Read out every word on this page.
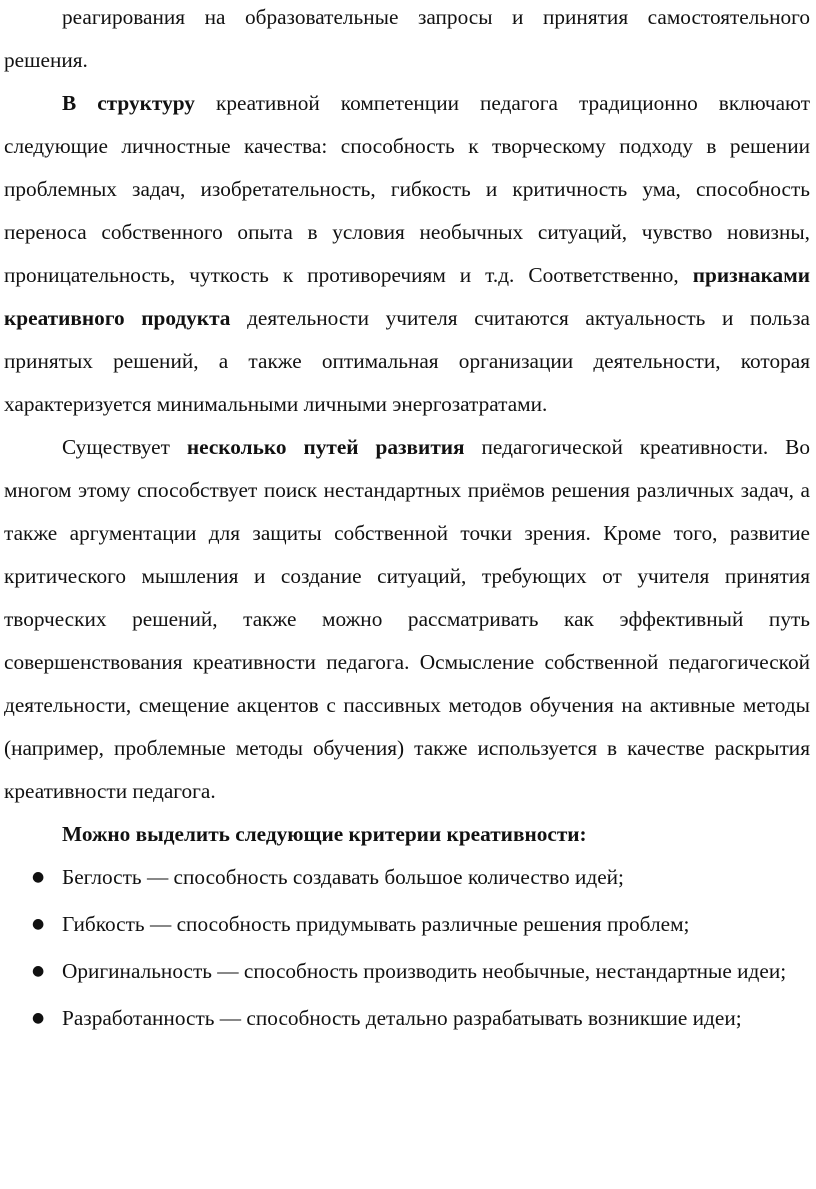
реагирования на образовательные запросы и принятия самостоятельного решения.

В структуру креативной компетенции педагога традиционно включают следующие личностные качества: способность к творческому подходу в решении проблемных задач, изобретательность, гибкость и критичность ума, способность переноса собственного опыта в условия необычных ситуаций, чувство новизны, проницательность, чуткость к противоречиям и т.д. Соответственно, признаками креативного продукта деятельности учителя считаются актуальность и польза принятых решений, а также оптимальная организации деятельности, которая характеризуется минимальными личными энергозатратами.

Существует несколько путей развития педагогической креативности. Во многом этому способствует поиск нестандартных приёмов решения различных задач, а также аргументации для защиты собственной точки зрения. Кроме того, развитие критического мышления и создание ситуаций, требующих от учителя принятия творческих решений, также можно рассматривать как эффективный путь совершенствования креативности педагога. Осмысление собственной педагогической деятельности, смещение акцентов с пассивных методов обучения на активные методы (например, проблемные методы обучения) также используется в качестве раскрытия креативности педагога.

Можно выделить следующие критерии креативности:

● Беглость — способность создавать большое количество идей;
● Гибкость — способность придумывать различные решения проблем;
● Оригинальность — способность производить необычные, нестандартные идеи;
● Разработанность — способность детально разрабатывать возникшие идеи;
